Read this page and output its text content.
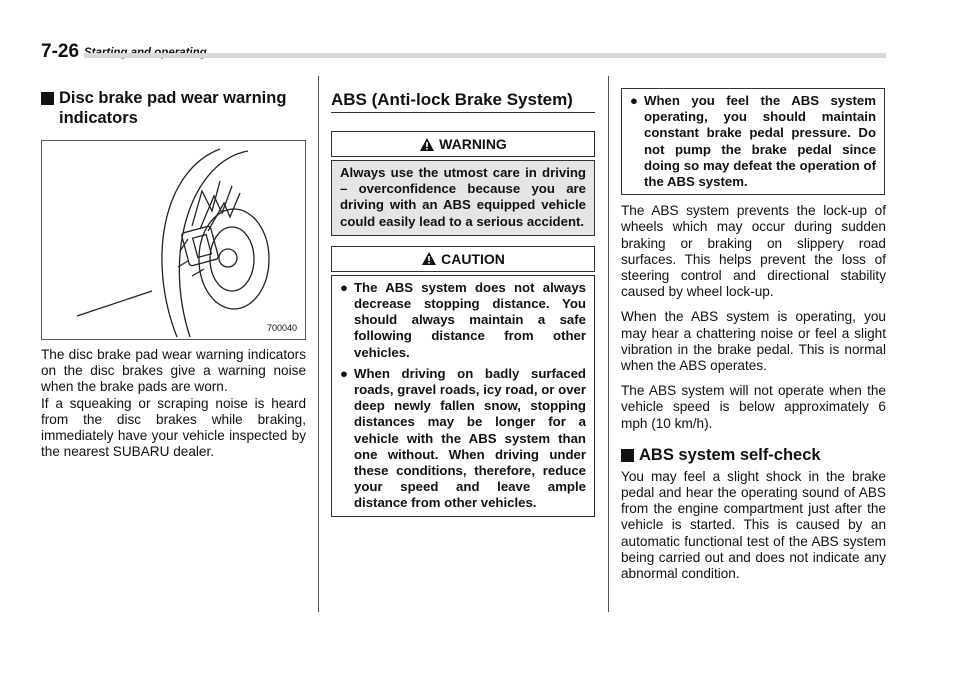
7-26
Disc brake pad wear warning indicators
700040

The disc brake pad wear warning indicators on the disc brakes give a warning noise when the brake pads are worn.

If a squeaking or scraping noise is heard from the disc brakes while braking, immediately have your vehicle inspected by the nearest SUBARU dealer.

ABS (Anti-lock Brake System)
WARNING

Always use the utmost care in driving – overconfidence because you are driving with an ABS equipped vehicle could easily lead to a serious accident.

CAUTION
● The ABS system does not always decrease stopping distance. You should always maintain a safe following distance from other vehicles.
● When driving on badly surfaced roads, gravel roads, icy road, or over deep newly fallen snow, stopping distances may be longer for a vehicle with the ABS system than one without. When driving under these conditions, therefore, reduce your speed and leave ample distance from other vehicles.
● When you feel the ABS system operating, you should maintain constant brake pedal pressure. Do not pump the brake pedal since doing so may defeat the operation of the ABS system.

The ABS system prevents the lock-up of wheels which may occur during sudden braking or braking on slippery road surfaces. This helps prevent the loss of steering control and directional stability caused by wheel lock-up.

When the ABS system is operating, you may hear a chattering noise or feel a slight vibration in the brake pedal. This is normal when the ABS operates.

The ABS system will not operate when the vehicle speed is below approximately 6 mph (10 km/h).

ABS system self-check

You may feel a slight shock in the brake pedal and hear the operating sound of ABS from the engine compartment just after the vehicle is started. This is caused by an automatic functional test of the ABS system being carried out and does not indicate any abnormal condition.
